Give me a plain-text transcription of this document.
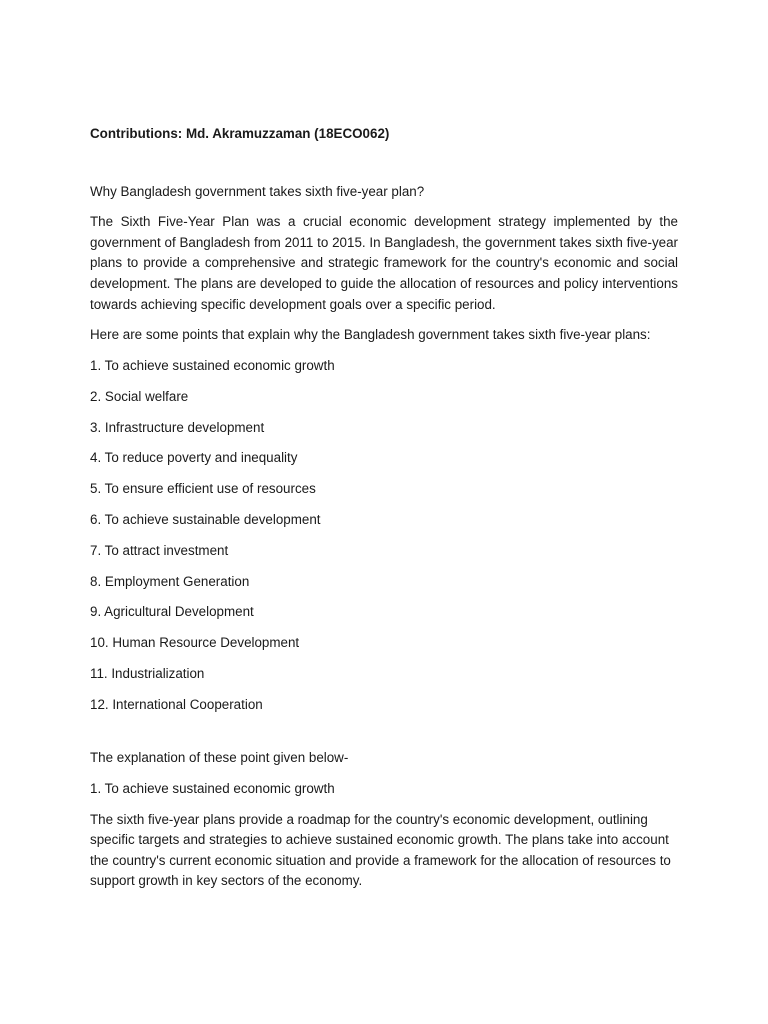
Contributions: Md. Akramuzzaman (18ECO062)

Why Bangladesh government takes sixth five-year plan?

The Sixth Five-Year Plan was a crucial economic development strategy implemented by the government of Bangladesh from 2011 to 2015. In Bangladesh, the government takes sixth five-year plans to provide a comprehensive and strategic framework for the country's economic and social development. The plans are developed to guide the allocation of resources and policy interventions towards achieving specific development goals over a specific period.

Here are some points that explain why the Bangladesh government takes sixth five-year plans:

1. To achieve sustained economic growth
2. Social welfare
3. Infrastructure development
4. To reduce poverty and inequality
5. To ensure efficient use of resources
6. To achieve sustainable development
7. To attract investment
8. Employment Generation
9. Agricultural Development
10. Human Resource Development
11. Industrialization
12. International Cooperation

The explanation of these point given below-

1. To achieve sustained economic growth

The sixth five-year plans provide a roadmap for the country's economic development, outlining specific targets and strategies to achieve sustained economic growth. The plans take into account the country's current economic situation and provide a framework for the allocation of resources to support growth in key sectors of the economy.
